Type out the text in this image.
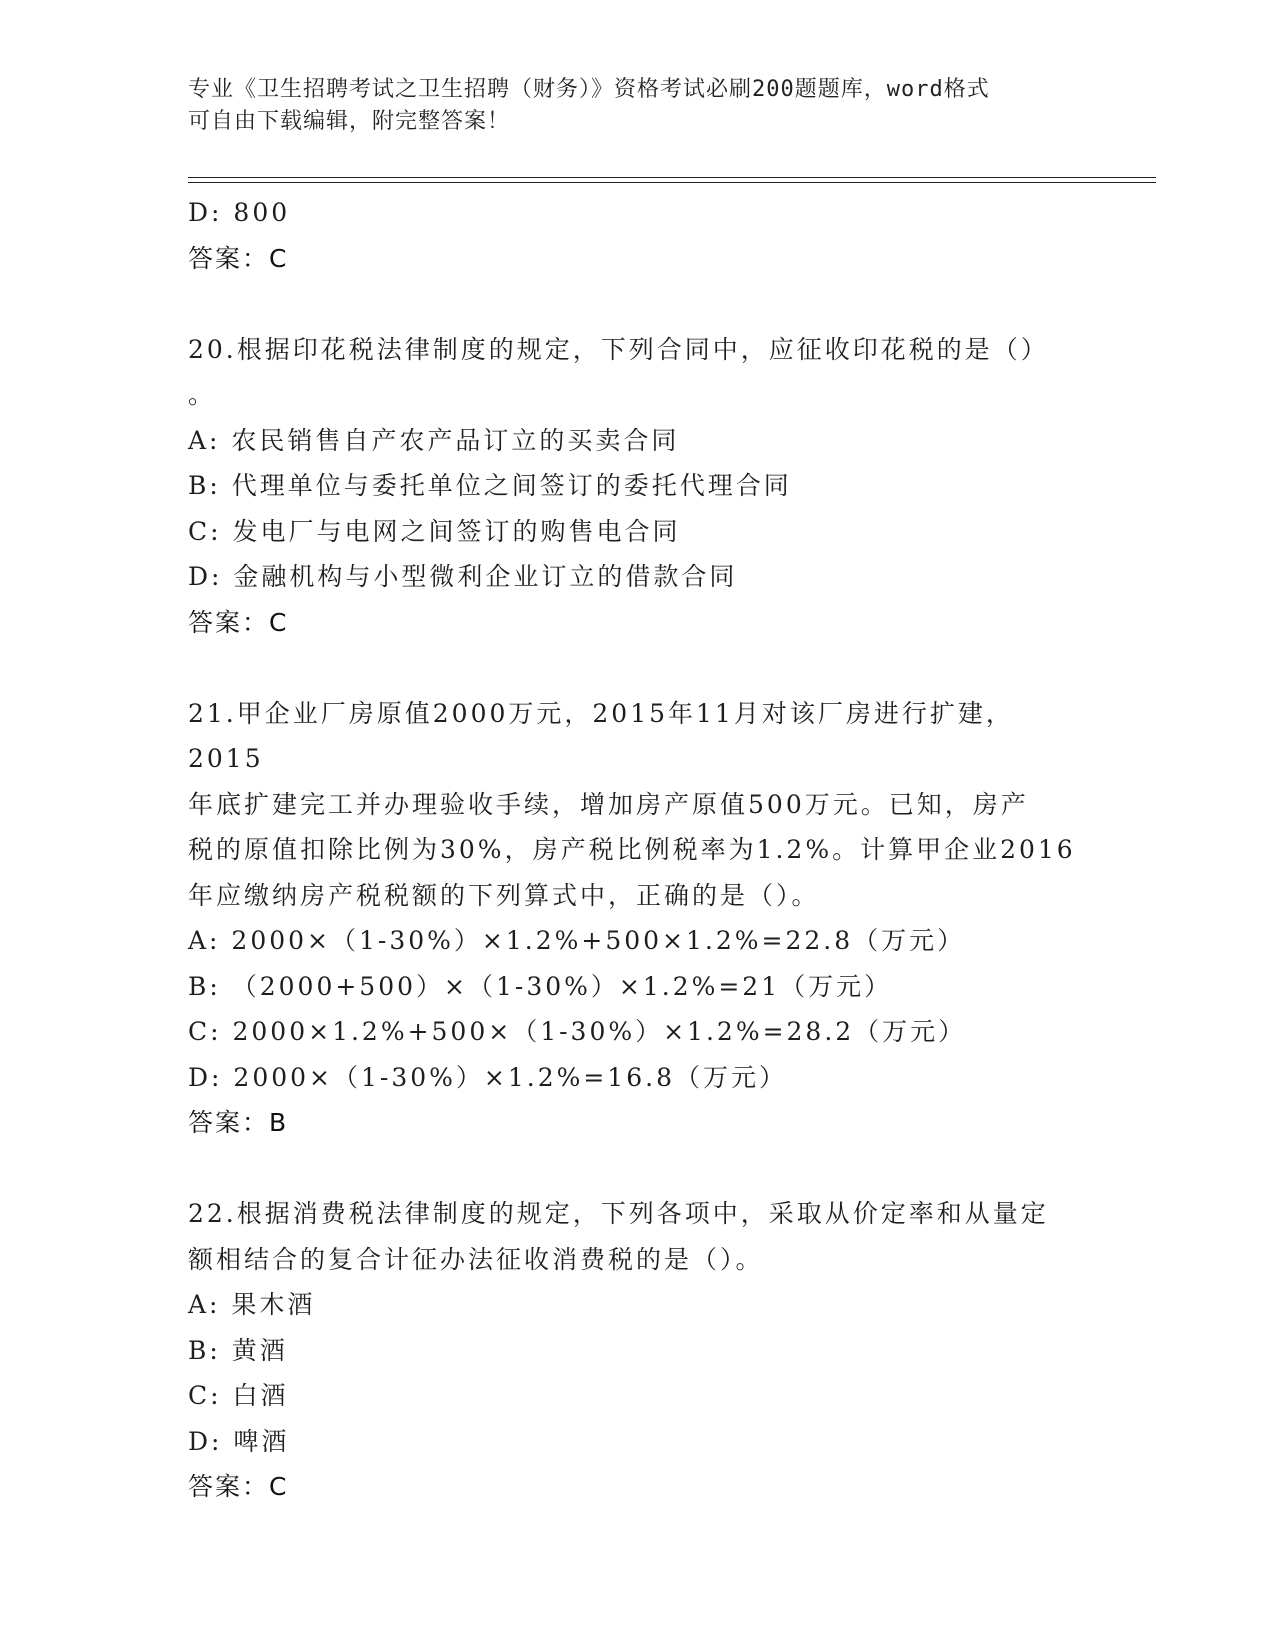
专业《卫生招聘考试之卫生招聘（财务）》资格考试必刷200题题库，word格式
可自由下载编辑，附完整答案！
D: 800
答案：C
20.根据印花税法律制度的规定，下列合同中，应征收印花税的是（）
。
A: 农民销售自产农产品订立的买卖合同
B: 代理单位与委托单位之间签订的委托代理合同
C: 发电厂与电网之间签订的购售电合同
D: 金融机构与小型微利企业订立的借款合同
答案：C
21.甲企业厂房原值2000万元，2015年11月对该厂房进行扩建，2015
年底扩建完工并办理验收手续，增加房产原值500万元。已知，房产
税的原值扣除比例为30%，房产税比例税率为1.2%。计算甲企业2016
年应缴纳房产税税额的下列算式中，正确的是（）。
A: 2000×（1-30%）×1.2%+500×1.2%=22.8（万元）
B: （2000+500）×（1-30%）×1.2%=21（万元）
C: 2000×1.2%+500×（1-30%）×1.2%=28.2（万元）
D: 2000×（1-30%）×1.2%=16.8（万元）
答案：B
22.根据消费税法律制度的规定，下列各项中，采取从价定率和从量定
额相结合的复合计征办法征收消费税的是（）。
A: 果木酒
B: 黄酒
C: 白酒
D: 啤酒
答案：C
